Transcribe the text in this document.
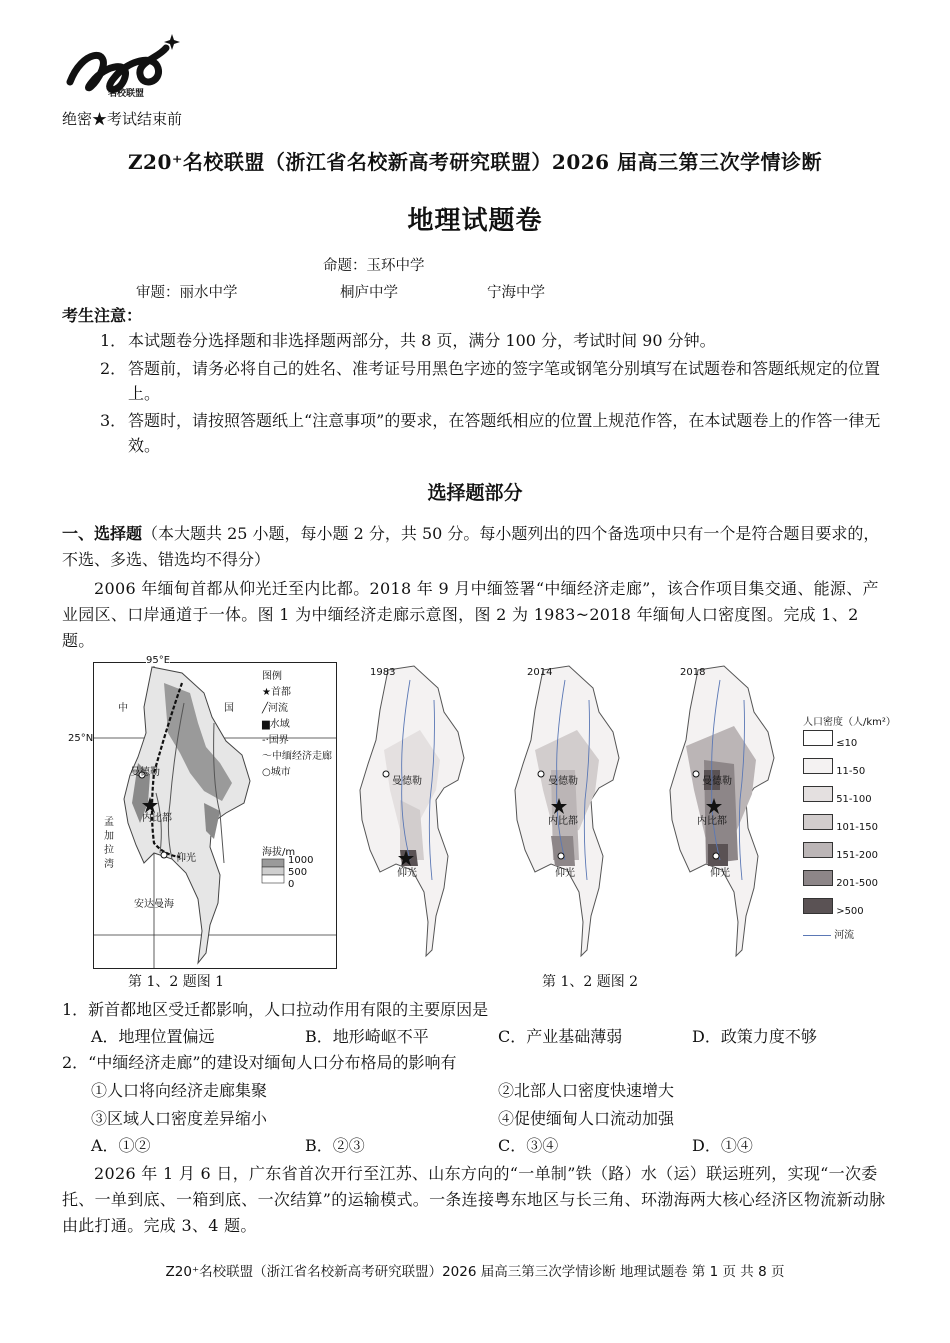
名校联盟
绝密★考试结束前
Z20⁺名校联盟（浙江省名校新高考研究联盟）2026 届高三第三次学情诊断
地理试题卷
命题：玉环中学
审题：丽水中学	桐庐中学	宁海中学
考生注意：
1． 本试题卷分选择题和非选择题两部分，共 8 页，满分 100 分，考试时间 90 分钟。
2． 答题前，请务必将自己的姓名、准考证号用黑色字迹的签字笔或钢笔分别填写在试题卷和答题纸规定的位置上。
3． 答题时，请按照答题纸上“注意事项”的要求，在答题纸相应的位置上规范作答，在本试题卷上的作答一律无效。
选择题部分
一、选择题（本大题共 25 小题，每小题 2 分，共 50 分。每小题列出的四个备选项中只有一个是符合题目要求的，不选、多选、错选均不得分）
2006 年缅甸首都从仰光迁至内比都。2018 年 9 月中缅签署“中缅经济走廊”，该合作项目集交通、能源、产业园区、口岸通道于一体。图 1 为中缅经济走廊示意图，图 2 为 1983~2018 年缅甸人口密度图。完成 1、2 题。
95°E
25°N
中	国
孟
加
拉
湾
安达曼海
曼德勒
内比都
仰光
图例
★首都
╱河流
▆水域
-·国界
〜中缅经济走廊
○城市
海拔/m
1000
500
0
第 1、2 题图 1
1983	2014	2018
曼德勒
仰光
曼德勒
内比都
仰光
曼德勒
内比都
仰光
人口密度（人/km²）
≤10
11-50
51-100
101-150
151-200
201-500
>500
河流
第 1、2 题图 2
1．新首都地区受迁都影响，人口拉动作用有限的主要原因是
A．地理位置偏远	B．地形崎岖不平	C．产业基础薄弱	D．政策力度不够
2．“中缅经济走廊”的建设对缅甸人口分布格局的影响有
①人口将向经济走廊集聚	②北部人口密度快速增大
③区域人口密度差异缩小	④促使缅甸人口流动加强
A．①②	B．②③	C．③④	D．①④
2026 年 1 月 6 日，广东省首次开行至江苏、山东方向的“一单制”铁（路）水（运）联运班列，实现“一次委托、一单到底、一箱到底、一次结算”的运输模式。一条连接粤东地区与长三角、环渤海两大核心经济区物流新动脉由此打通。完成 3、4 题。
Z20⁺名校联盟（浙江省名校新高考研究联盟）2026 届高三第三次学情诊断 地理试题卷 第 1 页 共 8 页
